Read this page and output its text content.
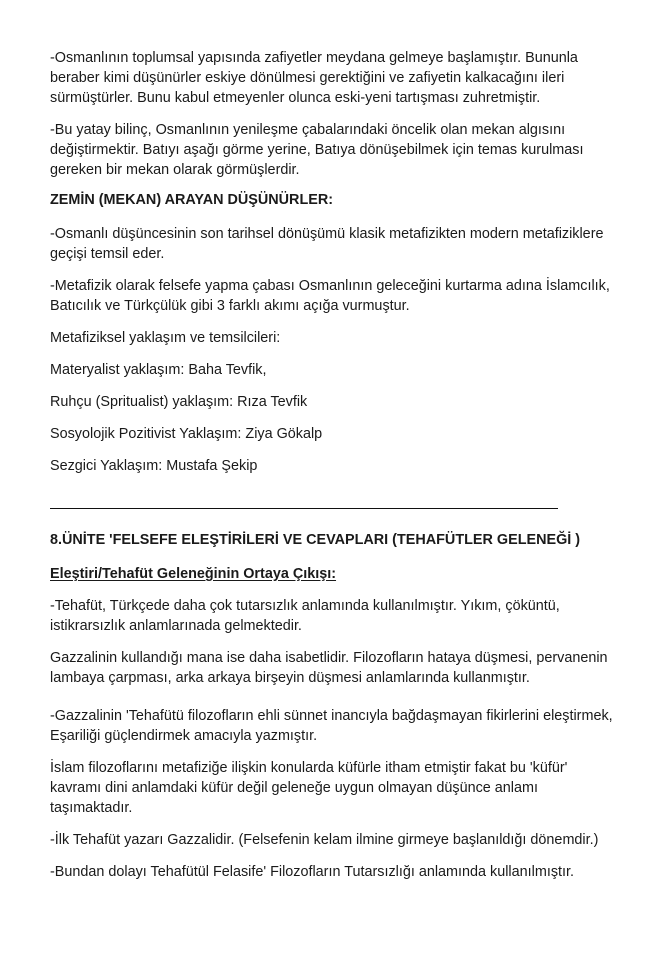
-Osmanlının toplumsal yapısında zafiyetler meydana gelmeye başlamıştır. Bununla
beraber kimi düşünürler eskiye dönülmesi gerektiğini ve zafiyetin kalkacağını ileri
sürmüştürler. Bunu kabul etmeyenler olunca eski-yeni tartışması zuhretmiştir.

-Bu yatay bilinç, Osmanlının yenileşme çabalarındaki öncelik olan mekan algısını
değiştirmektir. Batıyı aşağı görme yerine, Batıya dönüşebilmek için temas kurulması
gereken bir mekan olarak görmüşlerdir.

ZEMİN (MEKAN) ARAYAN DÜŞÜNÜRLER:

-Osmanlı düşüncesinin son tarihsel dönüşümü klasik metafizikten modern metafiziklere
geçişi temsil eder.

-Metafizik olarak felsefe yapma çabası Osmanlının geleceğini kurtarma adına İslamcılık,
Batıcılık ve Türkçülük gibi 3 farklı akımı açığa vurmuştur.

Metafiziksel yaklaşım ve temsilcileri:

Materyalist yaklaşım: Baha Tevfik,

Ruhçu (Spritualist) yaklaşım: Rıza Tevfik

Sosyolojik Pozitivist Yaklaşım: Ziya Gökalp

Sezgici Yaklaşım: Mustafa Şekip

8.ÜNİTE 'FELSEFE ELEŞTİRİLERİ VE CEVAPLARI (TEHAFÜTLER GELENEĞİ )

Eleştiri/Tehafüt Geleneğinin Ortaya Çıkışı:

-Tehafüt, Türkçede daha çok tutarsızlık anlamında kullanılmıştır. Yıkım, çöküntü,
istikrarsızlık anlamlarınada gelmektedir.

Gazzalinin kullandığı mana ise daha isabetlidir. Filozofların hataya düşmesi, pervanenin
lambaya çarpması, arka arkaya birşeyin düşmesi anlamlarında kullanmıştır.

-Gazzalinin 'Tehafütü filozofların ehli sünnet inancıyla bağdaşmayan fikirlerini eleştirmek,
Eşariliği güçlendirmek amacıyla yazmıştır.

İslam filozoflarını metafiziğe ilişkin konularda küfürle itham etmiştir fakat bu 'küfür'
kavramı dini anlamdaki küfür değil geleneğe uygun olmayan düşünce anlamı
taşımaktadır.

-İlk Tehafüt yazarı Gazzalidir. (Felsefenin kelam ilmine girmeye başlanıldığı dönemdir.)

-Bundan dolayı Tehafütül Felasife' Filozofların Tutarsızlığı anlamında kullanılmıştır.
